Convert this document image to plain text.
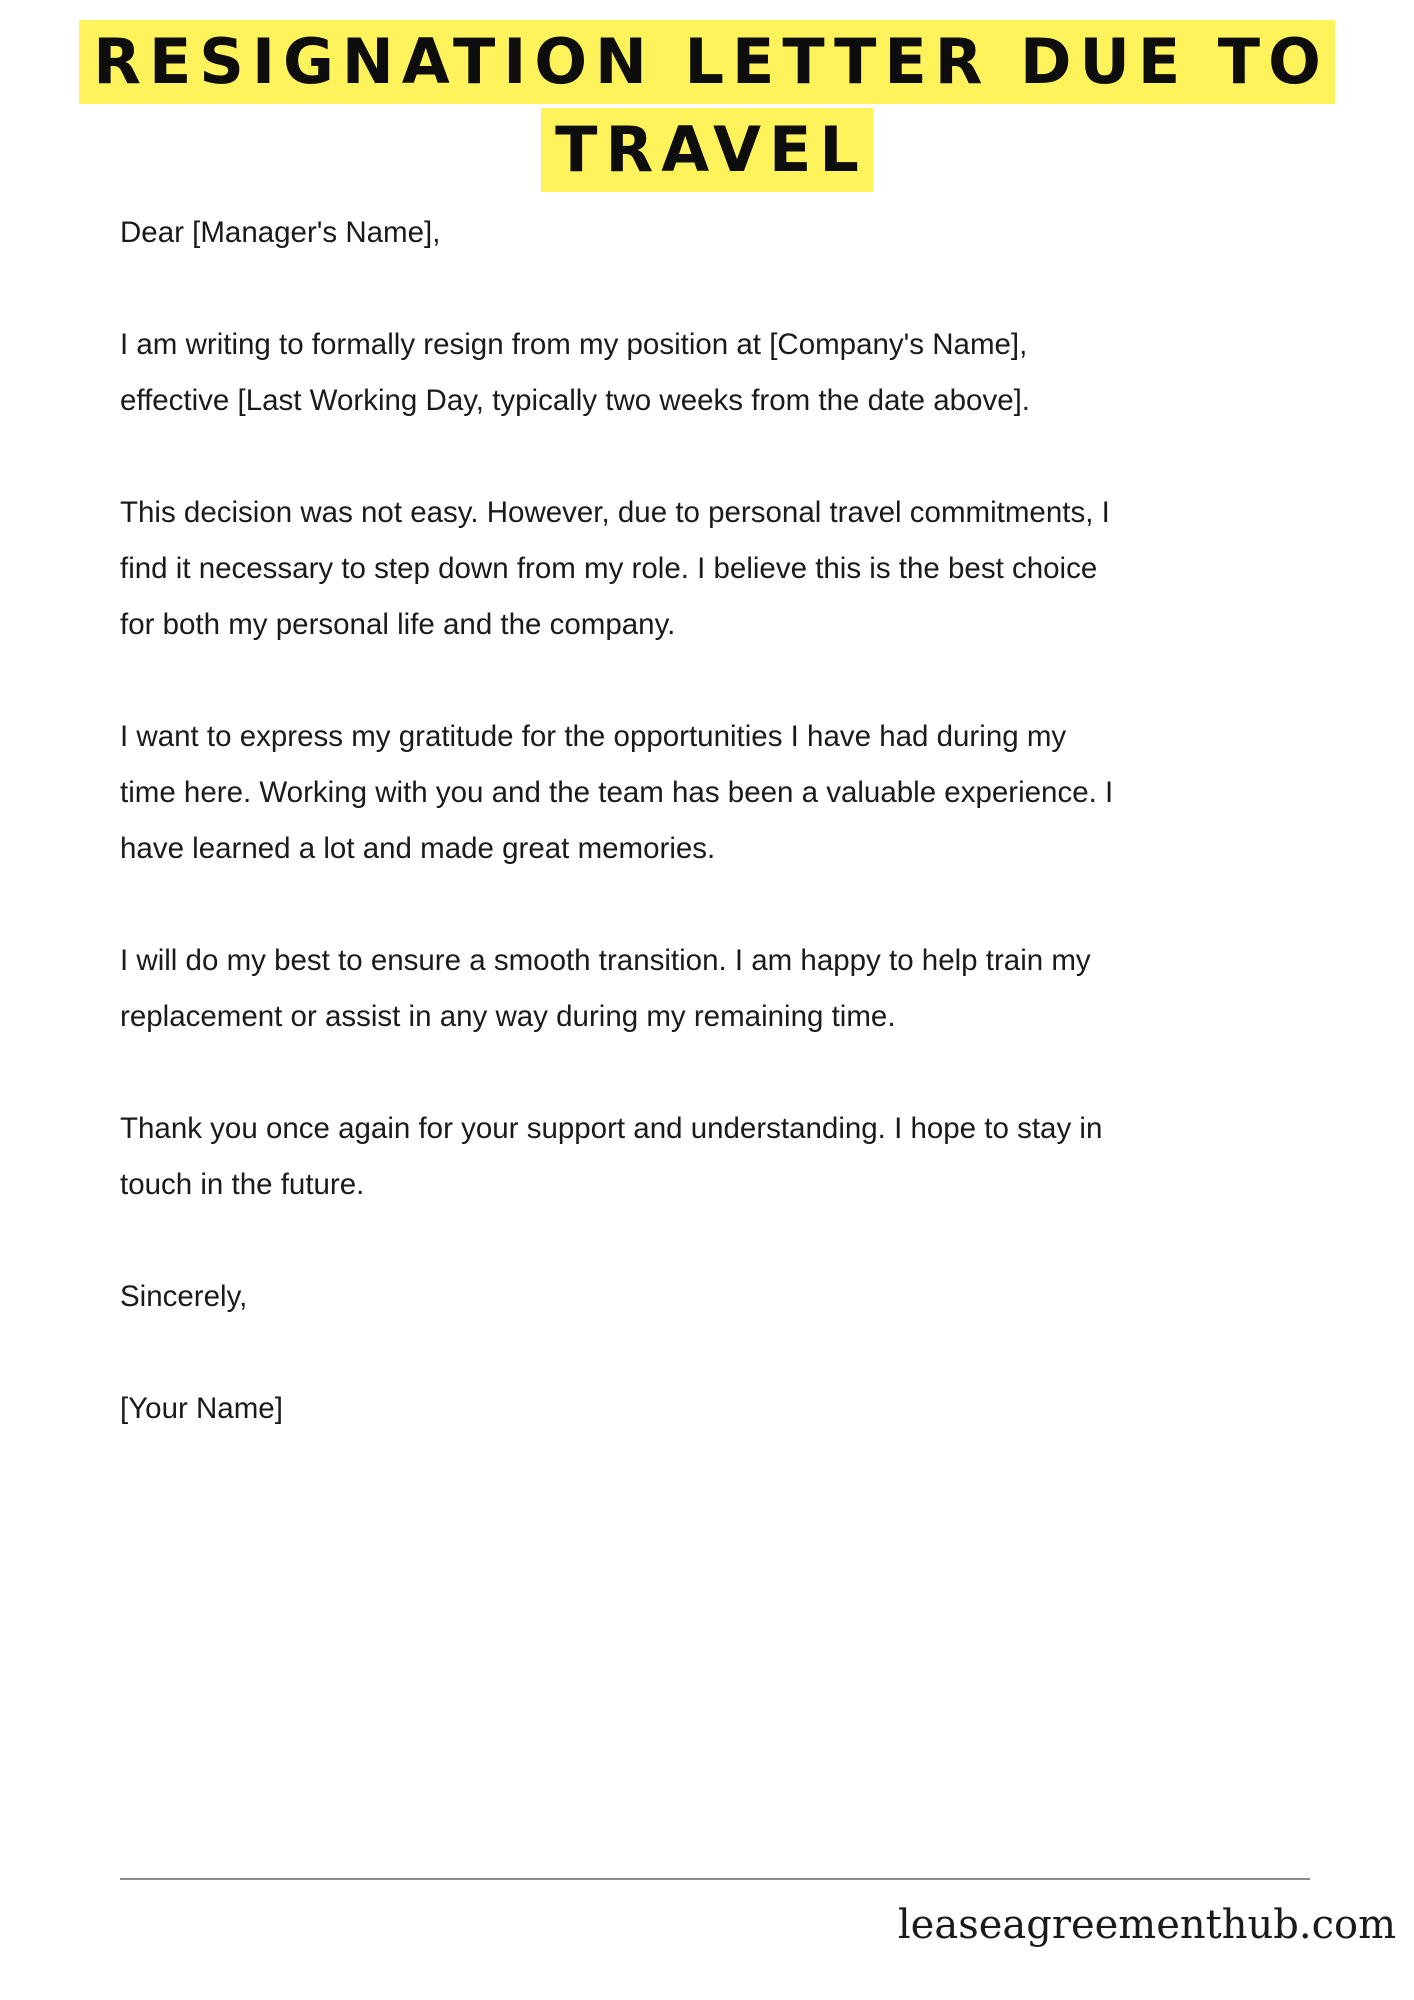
RESIGNATION LETTER DUE TO
TRAVEL

Dear [Manager's Name],

I am writing to formally resign from my position at [Company's Name],

effective [Last Working Day, typically two weeks from the date above].

This decision was not easy. However, due to personal travel commitments, I

find it necessary to step down from my role. I believe this is the best choice

for both my personal life and the company.

I want to express my gratitude for the opportunities I have had during my

time here. Working with you and the team has been a valuable experience. I

have learned a lot and made great memories.

I will do my best to ensure a smooth transition. I am happy to help train my

replacement or assist in any way during my remaining time.

Thank you once again for your support and understanding. I hope to stay in

touch in the future.

Sincerely,

[Your Name]

leaseagreementhub.com
